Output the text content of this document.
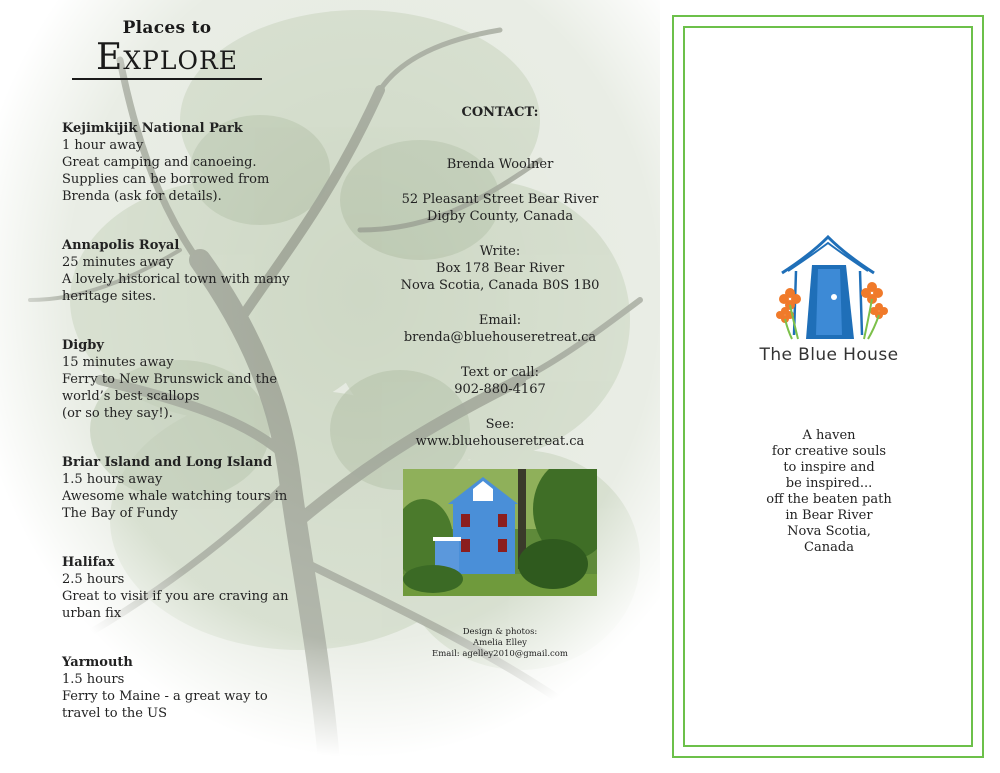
Places to
Explore
Kejimkijik National Park
1 hour away
Great camping and canoeing.
Supplies can be borrowed from
Brenda (ask for details).
Annapolis Royal
25 minutes away
A lovely historical town with many
heritage sites.
Digby
15 minutes away
Ferry to New Brunswick and the
world’s best scallops
(or so they say!).
Briar Island and Long Island
1.5 hours away
Awesome whale watching tours in
The Bay of Fundy
Halifax
2.5 hours
Great to visit if you are craving an
urban fix
Yarmouth
1.5 hours
Ferry to Maine - a great way to
travel to the US
CONTACT:
Brenda Woolner
52 Pleasant Street Bear River
Digby County, Canada
Write:
Box 178 Bear River
Nova Scotia, Canada B0S 1B0
Email:
brenda@bluehouseretreat.ca
Text or call:
902-880-4167
See:
www.bluehouseretreat.ca
Design & photos:
Amelia Elley
Email: agelley2010@gmail.com
The Blue House
A haven
for creative souls
to inspire and
be inspired...
off the beaten path
in Bear River
Nova Scotia,
Canada
